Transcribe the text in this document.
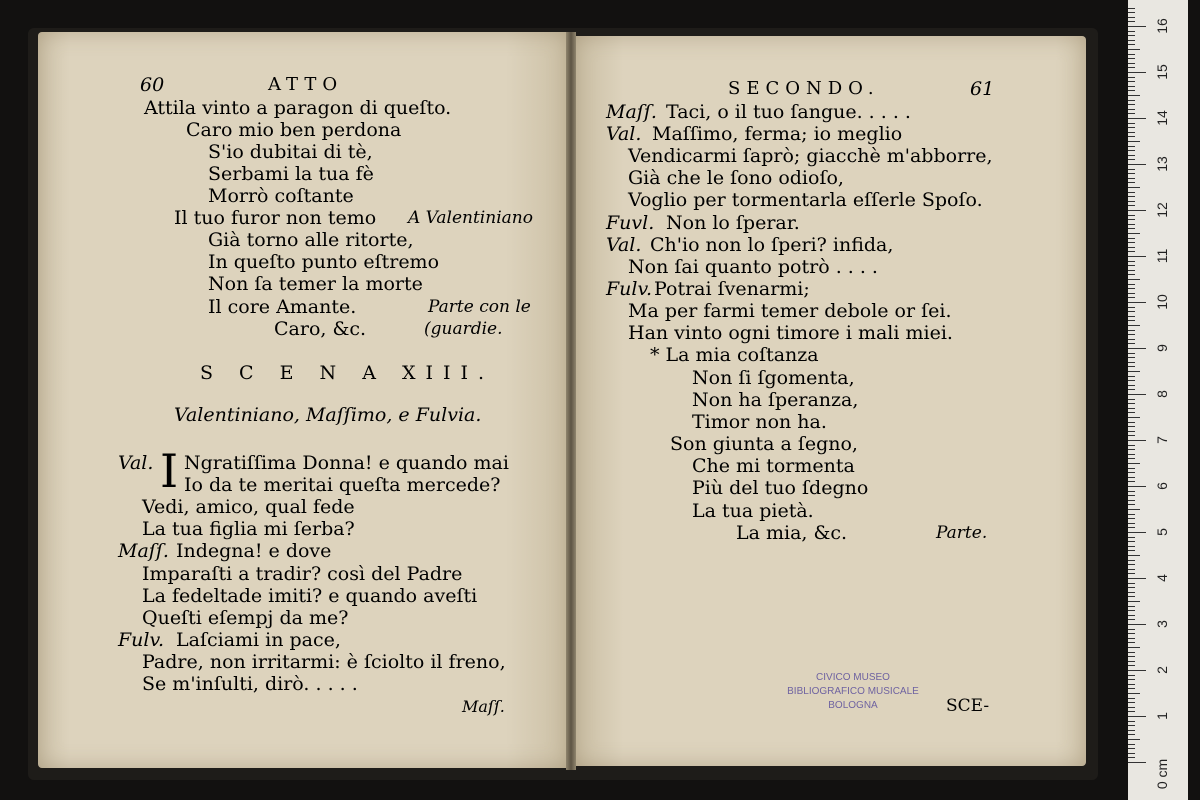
60	ATTO
Attila vinto a paragon di queſto.
Caro mio ben perdona
S'io dubitai di tè,
Serbami la tua fè
Morrò coſtante
Il tuo furor non temo A Valentiniano
Già torno alle ritorte,
In queſto punto eſtremo
Non ſa temer la morte
Il core Amante.	Parte con le
Caro, &c.	(guardie.
S C E N A XIII.
Valentiniano, Maſſimo, e Fulvia.
Val. I Ngratiſſima Donna! e quando mai
Io da te meritai queſta mercede?
Vedi, amico, qual fede
La tua figlia mi ſerba?
Maſſ. Indegna! e dove
Imparaſti a tradir? così del Padre
La fedeltade imiti? e quando aveſti
Queſti eſempj da me?
Fulv. Laſciami in pace,
Padre, non irritarmi: è ſciolto il freno,
Se m'inſulti, dirò. . . . .
Maſſ.
SECONDO.	61
Maſſ. Taci, o il tuo ſangue. . . . .
Val. Maſſimo, ferma; io meglio
Vendicarmi ſaprò; giacchè m'abborre,
Già che le ſono odioſo,
Voglio per tormentarla eſſerle Spoſo.
Fuvl. Non lo ſperar.
Val. Ch'io non lo ſperi? infida,
Non ſai quanto potrò . . . .
Fulv. Potrai ſvenarmi;
Ma per farmi temer debole or ſei.
Han vinto ogni timore i mali miei.
* La mia coſtanza
Non ſi ſgomenta,
Non ha ſperanza,
Timor non ha.
Son giunta a ſegno,
Che mi tormenta
Più del tuo ſdegno
La tua pietà.
La mia, &c.	Parte.
CIVICO MUSEO
BIBLIOGRAFICO MUSICALE
BOLOGNA	SCE-
0 cm
1
2
3
4
5
6
7
8
9
10
11
12
13
14
15
16
